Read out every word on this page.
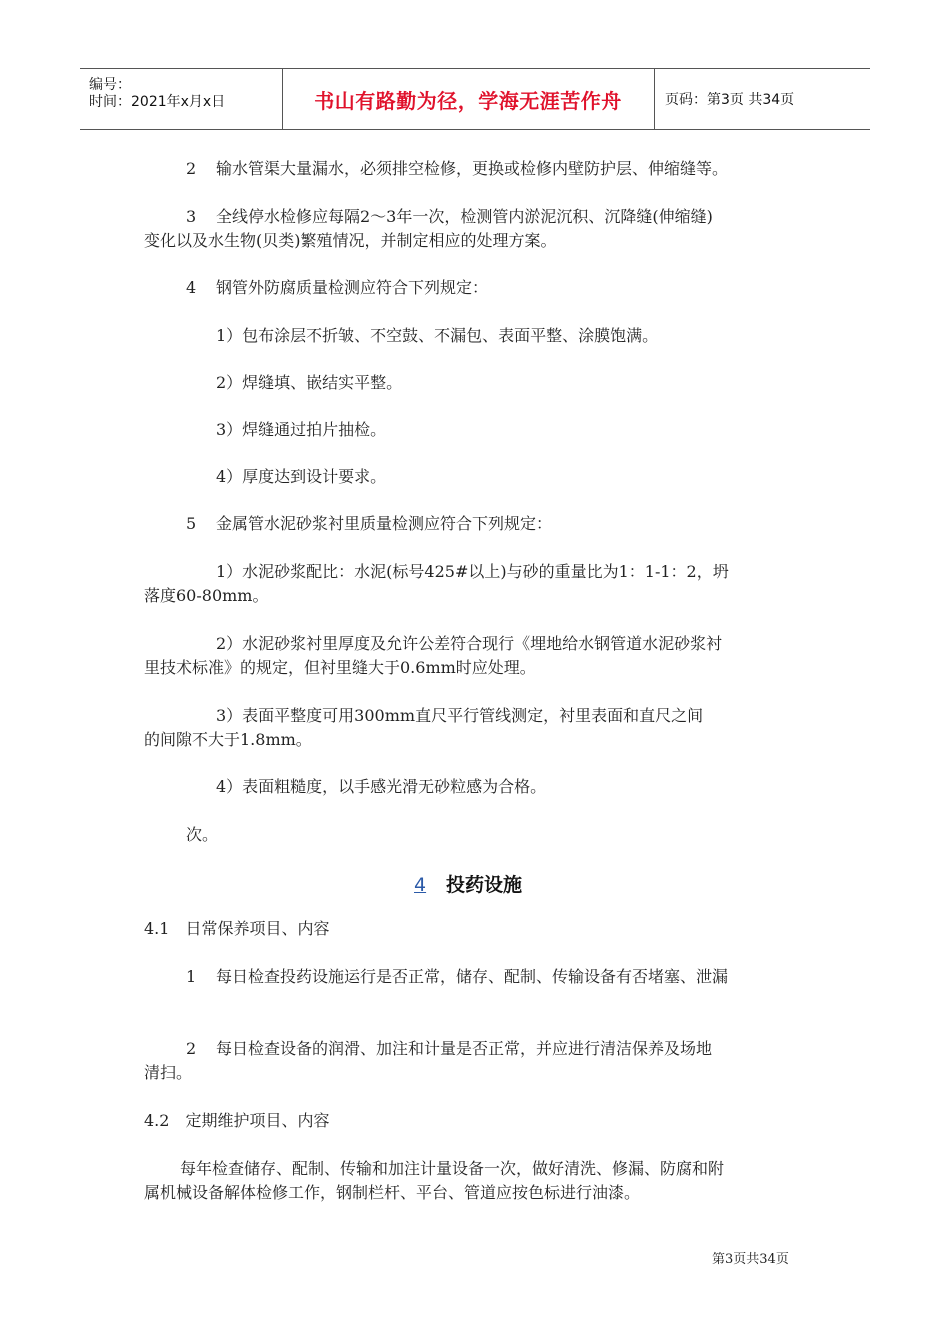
编号：
时间：2021年x月x日	书山有路勤为径，学海无涯苦作舟	页码：第3页 共34页

2 输水管渠大量漏水，必须排空检修，更换或检修内壁防护层、伸缩缝等。

3 全线停水检修应每隔2～3年一次，检测管内淤泥沉积、沉降缝(伸缩缝)

变化以及水生物(贝类)繁殖情况，并制定相应的处理方案。

4 钢管外防腐质量检测应符合下列规定：

1）包布涂层不折皱、不空鼓、不漏包、表面平整、涂膜饱满。

2）焊缝填、嵌结实平整。

3）焊缝通过拍片抽检。

4）厚度达到设计要求。

5 金属管水泥砂浆衬里质量检测应符合下列规定：

1）水泥砂浆配比：水泥(标号425#以上)与砂的重量比为1：1-1：2，坍

落度60-80mm。

2）水泥砂浆衬里厚度及允许公差符合现行《埋地给水钢管道水泥砂浆衬

里技术标准》的规定，但衬里缝大于0.6mm时应处理。

3）表面平整度可用300mm直尺平行管线测定，衬里表面和直尺之间

的间隙不大于1.8mm。

4）表面粗糙度，以手感光滑无砂粒感为合格。

次。

4 投药设施

4.1　日常保养项目、内容

1 每日检查投药设施运行是否正常，储存、配制、传输设备有否堵塞、泄漏

2 每日检查设备的润滑、加注和计量是否正常，并应进行清洁保养及场地

清扫。

4.2　定期维护项目、内容

每年检查储存、配制、传输和加注计量设备一次，做好清洗、修漏、防腐和附

属机械设备解体检修工作，钢制栏杆、平台、管道应按色标进行油漆。

第3页共34页
